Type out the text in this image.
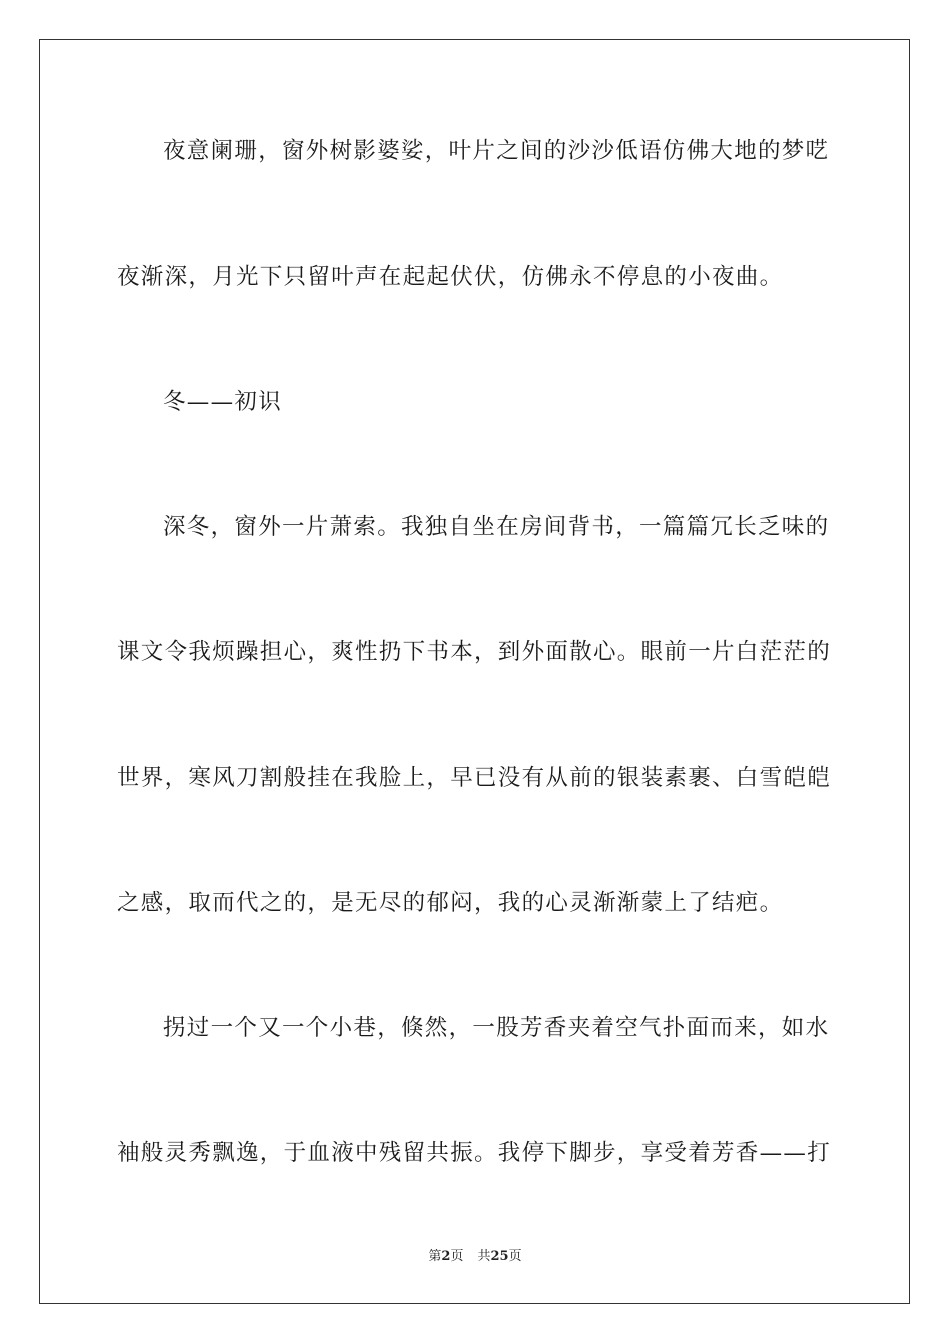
夜意阑珊，窗外树影婆娑，叶片之间的沙沙低语仿佛大地的梦呓

夜渐深，月光下只留叶声在起起伏伏，仿佛永不停息的小夜曲。

冬——初识

深冬，窗外一片萧索。我独自坐在房间背书，一篇篇冗长乏味的

课文令我烦躁担心，爽性扔下书本，到外面散心。眼前一片白茫茫的

世界，寒风刀割般挂在我脸上，早已没有从前的银装素裹、白雪皑皑

之感，取而代之的，是无尽的郁闷，我的心灵渐渐蒙上了结疤。

拐过一个又一个小巷，倏然，一股芳香夹着空气扑面而来，如水

袖般灵秀飘逸，于血液中残留共振。我停下脚步，享受着芳香——打

第2页 共25页
